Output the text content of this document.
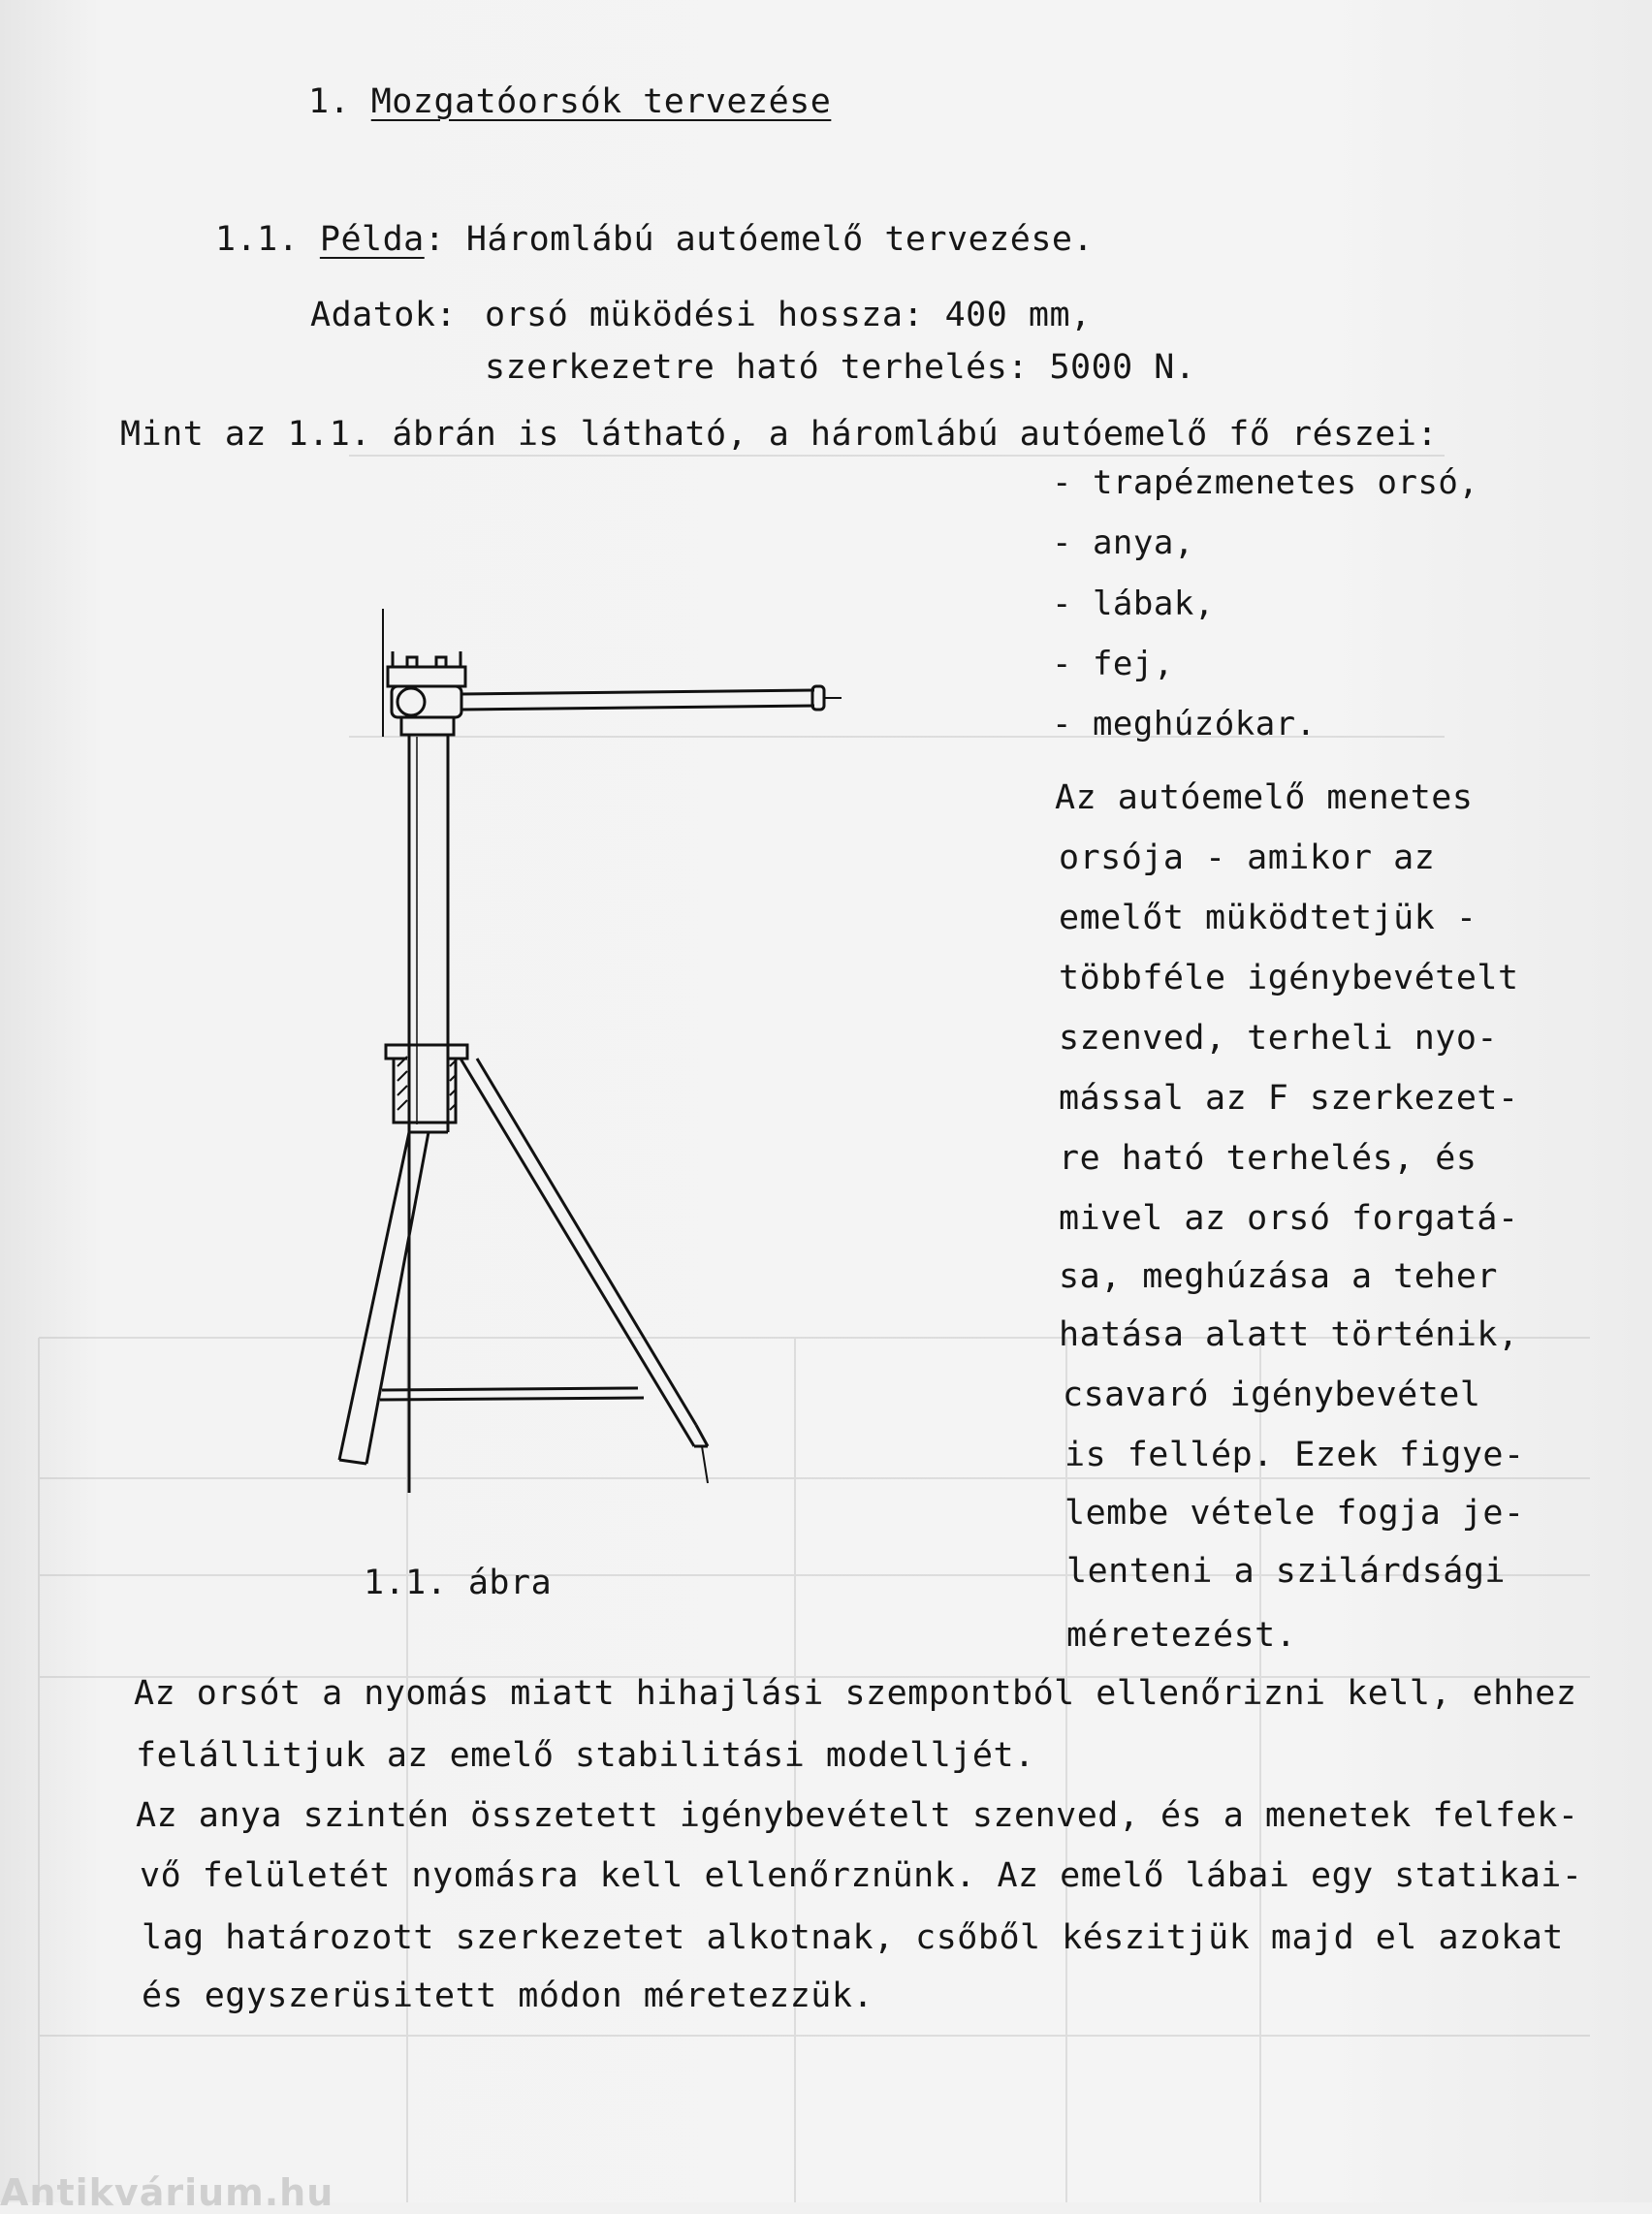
1. Mozgatóorsók tervezése
1.1. Példa: Háromlábú autóemelő tervezése.
Adatok: orsó müködési hossza: 400 mm,
szerkezetre ható terhelés: 5000 N.
Mint az 1.1. ábrán is látható, a háromlábú autóemelő fő részei:
- trapézmenetes orsó,
- anya,
- lábak,
- fej,
- meghúzókar.
Az autóemelő menetes
orsója - amikor az
emelőt müködtetjük -
többféle igénybevételt
szenved, terheli nyo-
mással az F szerkezet-
re ható terhelés, és
mivel az orsó forgatá-
sa, meghúzása a teher
hatása alatt történik,
csavaró igénybevétel
is fellép. Ezek figye-
lembe vétele fogja je-
lenteni a szilárdsági
méretezést.
1.1. ábra
Az orsót a nyomás miatt hihajlási szempontból ellenőrizni kell, ehhez
felállitjuk az emelő stabilitási modelljét.
Az anya szintén összetett igénybevételt szenved, és a menetek felfek-
vő felületét nyomásra kell ellenőrznünk. Az emelő lábai egy statikai-
lag határozott szerkezetet alkotnak, csőből készitjük majd el azokat
és egyszerüsitett módon méretezzük.
Antikvárium.hu
